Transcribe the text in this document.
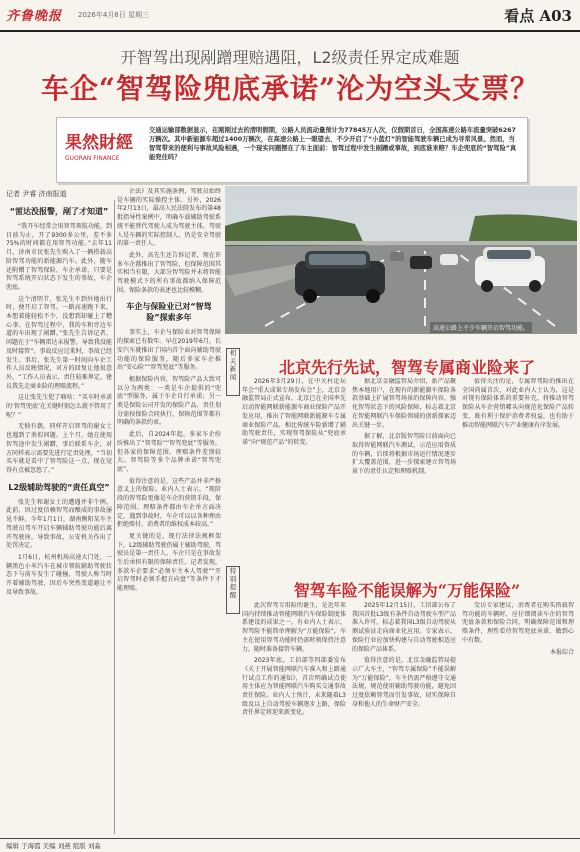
齐鲁晚报 2026年4月8日 星期三	看点 A03
开智驾出现剐蹭理赔遇阻，L2级责任界定成难题
车企“智驾险兜底承诺”沦为空头支票？
果然財經
GUORAN FINANCE
交通运输部数据显示，在刚刚过去的清明假期，公路人员流动量预计为77845万人次，仅假期首日，全国高速公路车流量突破6267万辆次。其中新能源车超过1400万辆次，在高速公路上一眼望去，不少开启了“小蓝灯”的智能驾驶车辆已成为寻常风景。然而，当智驾带来的便利与事故风险相遇，一个现实问题摆在了车主面前：智驾过程中发生剐蹭或事故，到底谁来赔？车企兜底的“智驾险”真能兜住吗？
记者 尹睿 济南报道
“雷达没报警，剐了才知道”

“我开车经常会用智驾领航功能，到目前为止，开了9300多公里，差不多75%的时间都在用智驾功能。”去年11月，济南市民张先生购入了一辆搭载高阶智驾功能的新能源汽车。此外，随车还附赠了智驾保险，车企承诺，只要是智驾系统开启状态下发生的事故，车企兜底。

这个清明节，张先生不到外地出行时，便开启了智驾。一路高速跑下来，本想着能轻松不少，没想到却碰上了糟心事。在智驾过程中，我的车和旁边车道的车出现了剐蹭。”张先生告诉记者，问题在于“车辆雷达未报警，导致我没能及时接管”。事故反应过来时，事故已经发生。事后，张先生第一时间向车企工作人员反映情况，对方的回复让他很意外，“工作人员表示，责任较难界定，建议我先走商业险的理赔流程。”

这让张先生犯了嘀咕：“买车时承诺的‘智驾兜底’在关键时刻怎么就不管用了呢？”

无独有偶，同样开启智驾的谢女士也遇到了类似问题。上个月，她在使用智驾途中发生剐蹭，事后联系车企，对方同样表示需要先进行定责处理，“当初买车就是看中了智驾险这一点，现在觉得有点被忽悠了。”

L2级辅助驾驶的“责任真空”

张先生和谢女士的遭遇并非个例。此前，因过度信赖智驾而酿成的事故屡见不鲜。今年1月1日，湖南衡阳某车主驾驶员驾车开启车辆辅助驾驶功能后离开驾驶座，导致事故，公安机关作出了处罚决定。

1月6日，杭州机场高速大门处，一辆黑色小米汽车在城市领航辅助驾驶状态下与前车发生了碰撞，驾驶人称当时开着辅助驾驶，因后车突然变道避让不及导致事故。

企法》及其实施条例，驾驶员始终是车辆的实际操控主体。另外，2026年2月13日，最高人民法院发布的第48批指导性案例中，明确车载辅助驾驶系统不能替代驾驶人成为驾驶主体，驾驶人是车辆的实际控制人，仍是安全驾驶的第一责任人。

此外，高先生还告诉记者，现在许多车企都推出了智驾险，但保障范围其实相当有限，大部分智驾险并未将智能驾驶模式下的所有事故都纳入保障范围，保险条款的表述也比较模糊。

车企与保险业已对“智驾险”探索多年

事实上，车企与保险业对智驾保障的探索已有数年。早在2019年6月，长安汽车就推出了国内首个面向辅助驾驶功能的保险服务，随后多家车企推出“安心险”“智驾兜底”等服务。

根据保险内容，智驾险产品大致可以分为两类：一类是车企提供的“兜底”型服务，属于车企自行承诺；另一类是保险公司开发的保险产品，责任划分需按保险合同执行，保障范围等都有明确的条款约束。

此后，自2024年起，多家车企纷纷推出了“智驾险”“智驾兜底”等服务，但各家的保障范围、理赔条件差别较大。智驾险等多个品牌承诺“智驾兜底”。

值得注意的是，这些产品并非严格意义上的保险。业内人士表示，“现阶段的智驾险更像是车企的营销手段，保障范围、理赔条件都由车企单方面决定，遇到事故时，车企可以以各种理由拒绝赔付，消费者的维权成本较高。”

更关键的是，现行法律法规框架下，L2级辅助驾驶仍属于辅助驾驶，驾驶员是第一责任人，车企只是在事故发生后承担有限的保障责任。记者发现，多款车企要求“必须车主本人驾驶”“开启智驾时必须手握方向盘”等条件下才能理赔。

高速公路上不少车辆开启智驾功能。
相关新闻	北京先行先试，智驾专属商业险来了

2026年3月29日，在中关村论坛年会“重大成果专场发布会”上，北京金融监管局正式宣布，北京已在全国率先启动智能网联新能源车商业保险产品开发应用，推出了智能网联新能源车专属商业保险产品，相比传统车险新增了辅助驾驶责任，实现智驾保险从“兜底承诺”向“规范产品”的转变。

据北京金融监管局介绍，新产品聚焦本地用户，在现有的新能源车保险条款基础上扩展智驾场景的保障内容，强化智驾状态下的风险保障，标志着北京在智能网联汽车保险领域的创新探索迈出关键一步。

据了解，北京版智驾险目前面向已取得智能网联汽车测试、示范应用资质的车辆，后续将根据市场运行情况逐步扩大覆盖范围，进一步探索建立智驾场景下的责任认定和理赔机制。

值得关注的是，专属智驾险的推出在全国尚属首次，对此业内人士认为，这是对现有保险体系的重要补充，将推动智驾保险从车企营销噱头向规范化保险产品转变，既有利于保护消费者权益，也有助于推动智能网联汽车产业健康有序发展。

特别提醒	智驾车险不能误解为“万能保险”

此次智驾专用险的诞生，是近年来国内持续推动智能网联汽车保险制度体系建设的成果之一。有业内人士表示，智驾险不能简单理解为“万能保险”，车主在使用智驾功能时仍需时刻保持注意力，随时准备接管车辆。

2023年底，工信部等四部委发布《关于开展智能网联汽车准入和上路通行试点工作的通知》，首次明确试点使用主体应为智能网联汽车购买交通事故责任保险。业内人士预计，未来随着L3级及以上自动驾驶车辆逐步上路，保险责任界定将迎来新变化。

2025年12月15日，工信部公布了我国首批L3级有条件自动驾驶车型产品准入许可，标志着我国L3级自动驾驶从测试验证走向商业化应用。专家表示，保险行业应加快构建与自动驾驶相适应的保险产品体系。

值得注意的是，北京金融监管局提示广大车主，“智驾专属保险”不能误解为“万能保险”，车主仍需严格遵守交通法规，规范使用辅助驾驶功能，避免因过度依赖智驾而引发事故，切实保障自身和他人的生命财产安全。

受访专家建议，消费者在购买搭载智驾功能的车辆时，应仔细阅读车企的智驾兜底条款和保险合同，明确保障范围和理赔条件，理性看待智驾兜底承诺，做到心中有数。

本报综合

编辑 于海霞 美编 刘燕 组版 刘淼
